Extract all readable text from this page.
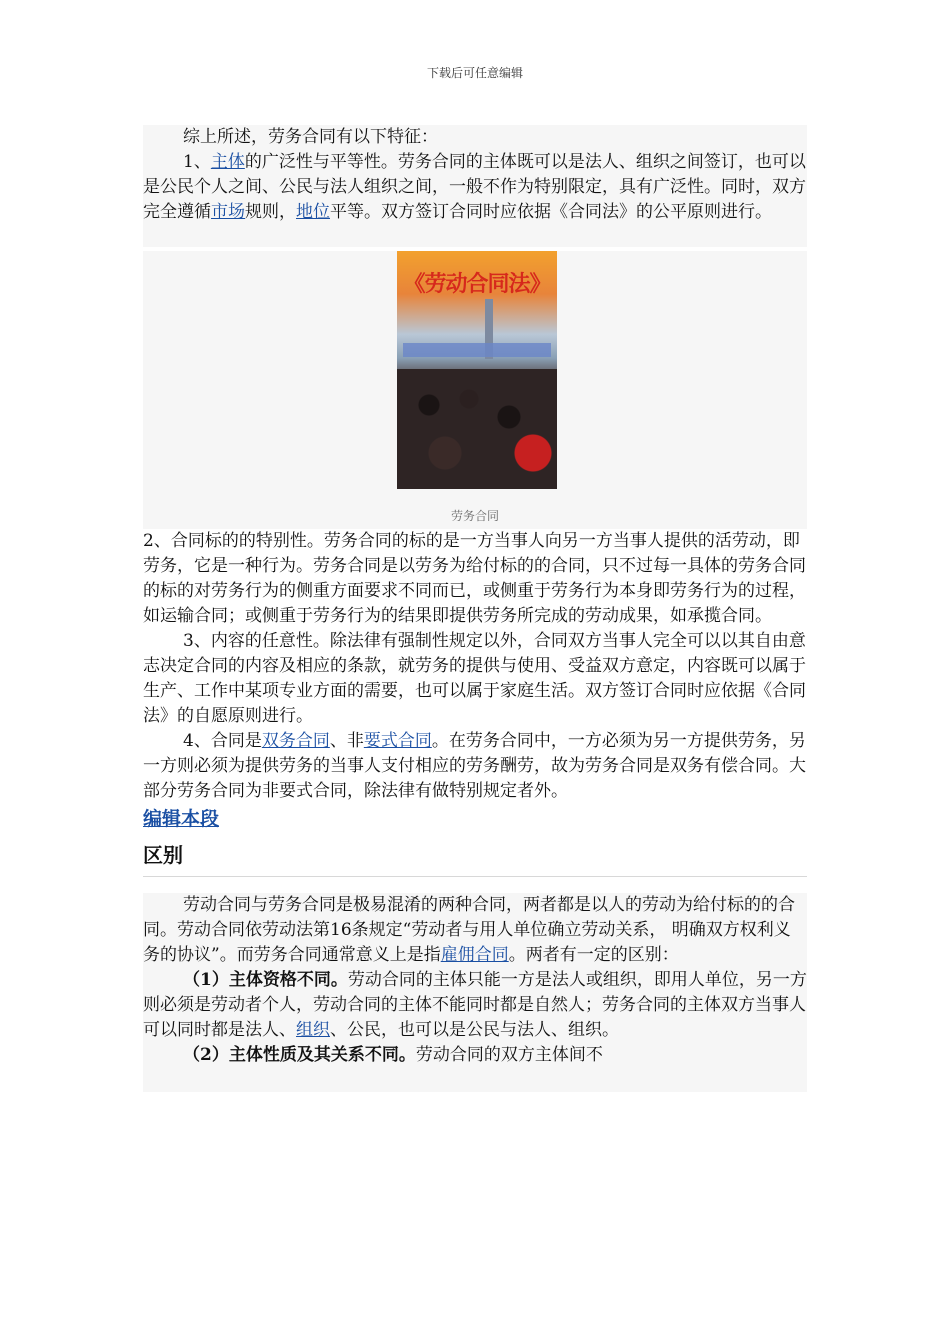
下载后可任意编辑

综上所述，劳务合同有以下特征：

1、主体的广泛性与平等性。劳务合同的主体既可以是法人、组织之间签订，也可以是公民个人之间、公民与法人组织之间，一般不作为特别限定，具有广泛性。同时，双方完全遵循市场规则，地位平等。双方签订合同时应依据《合同法》的公平原则进行。

《劳动合同法》
劳务合同

2、合同标的的特别性。劳务合同的标的是一方当事人向另一方当事人提供的活劳动，即劳务，它是一种行为。劳务合同是以劳务为给付标的的合同，只不过每一具体的劳务合同的标的对劳务行为的侧重方面要求不同而已，或侧重于劳务行为本身即劳务行为的过程，如运输合同；或侧重于劳务行为的结果即提供劳务所完成的劳动成果，如承揽合同。

3、内容的任意性。除法律有强制性规定以外，合同双方当事人完全可以以其自由意志决定合同的内容及相应的条款，就劳务的提供与使用、受益双方意定，内容既可以属于生产、工作中某项专业方面的需要，也可以属于家庭生活。双方签订合同时应依据《合同法》的自愿原则进行。

4、合同是双务合同、非要式合同。在劳务合同中，一方必须为另一方提供劳务，另一方则必须为提供劳务的当事人支付相应的劳务酬劳，故为劳务合同是双务有偿合同。大部分劳务合同为非要式合同，除法律有做特别规定者外。

编辑本段
区别

劳动合同与劳务合同是极易混淆的两种合同，两者都是以人的劳动为给付标的的合同。劳动合同依劳动法第16条规定“劳动者与用人单位确立劳动关系， 明确双方权利义务的协议”。而劳务合同通常意义上是指雇佣合同。两者有一定的区别：

（1）主体资格不同。劳动合同的主体只能一方是法人或组织，即用人单位，另一方则必须是劳动者个人，劳动合同的主体不能同时都是自然人；劳务合同的主体双方当事人可以同时都是法人、组织、公民，也可以是公民与法人、组织。

（2）主体性质及其关系不同。劳动合同的双方主体间不
